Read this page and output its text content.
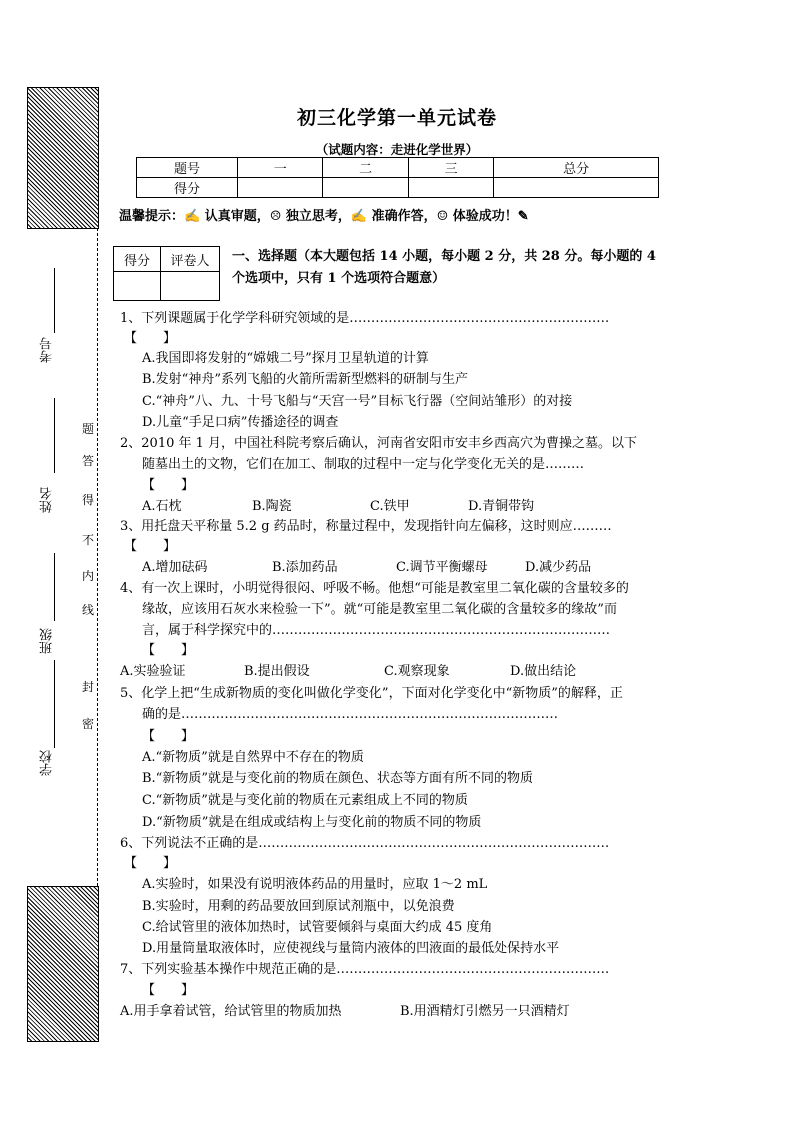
考号
姓名
班级
学校
题
答
得
不
内
线
封
密
初三化学第一单元试卷
（试题内容：走进化学世界）
题号	一	二	三	总分
得分				
温馨提示：✍ 认真审题，☹ 独立思考，✍ 准确作答，☺ 体验成功！✎
得分	评卷人
	一、选择题（本大题包括 14 小题，每小题 2 分，共 28 分。每小题的 4
个选项中，只有 1 个选项符合题意）
1、下列课题属于化学学科研究领域的是……………………………………………………
【　　】
A.我国即将发射的“嫦娥二号”探月卫星轨道的计算
B.发射“神舟”系列飞船的火箭所需新型燃料的研制与生产
C.“神舟”八、九、十号飞船与“天宫一号”目标飞行器（空间站雏形）的对接
D.儿童“手足口病”传播途径的调查
2、2010 年 1 月，中国社科院考察后确认，河南省安阳市安丰乡西高穴为曹操之墓。以下
随墓出土的文物，它们在加工、制取的过程中一定与化学变化无关的是………
【　　】
A.石枕	B.陶瓷	C.铁甲	D.青铜带钩
3、用托盘天平称量 5.2 g 药品时，称量过程中，发现指针向左偏移，这时则应………
【　　】
A.增加砝码	B.添加药品	C.调节平衡螺母	D.减少药品
4、有一次上课时，小明觉得很闷、呼吸不畅。他想“可能是教室里二氧化碳的含量较多的
缘故，应该用石灰水来检验一下”。就“可能是教室里二氧化碳的含量较多的缘故”而
言，属于科学探究中的……………………………………………………………………
【　　】
A.实验验证	B.提出假设	C.观察现象	D.做出结论
5、化学上把“生成新物质的变化叫做化学变化”，下面对化学变化中“新物质”的解释，正
确的是……………………………………………………………………………
【　　】
A.“新物质”就是自然界中不存在的物质
B.“新物质”就是与变化前的物质在颜色、状态等方面有所不同的物质
C.“新物质”就是与变化前的物质在元素组成上不同的物质
D.“新物质”就是在组成或结构上与变化前的物质不同的物质
6、下列说法不正确的是………………………………………………………………………
【　　】
A.实验时，如果没有说明液体药品的用量时，应取 1～2 mL
B.实验时，用剩的药品要放回到原试剂瓶中，以免浪费
C.给试管里的液体加热时，试管要倾斜与桌面大约成 45 度角
D.用量筒量取液体时，应使视线与量筒内液体的凹液面的最低处保持水平
7、下列实验基本操作中规范正确的是………………………………………………………
【　　】
A.用手拿着试管，给试管里的物质加热	B.用酒精灯引燃另一只酒精灯
